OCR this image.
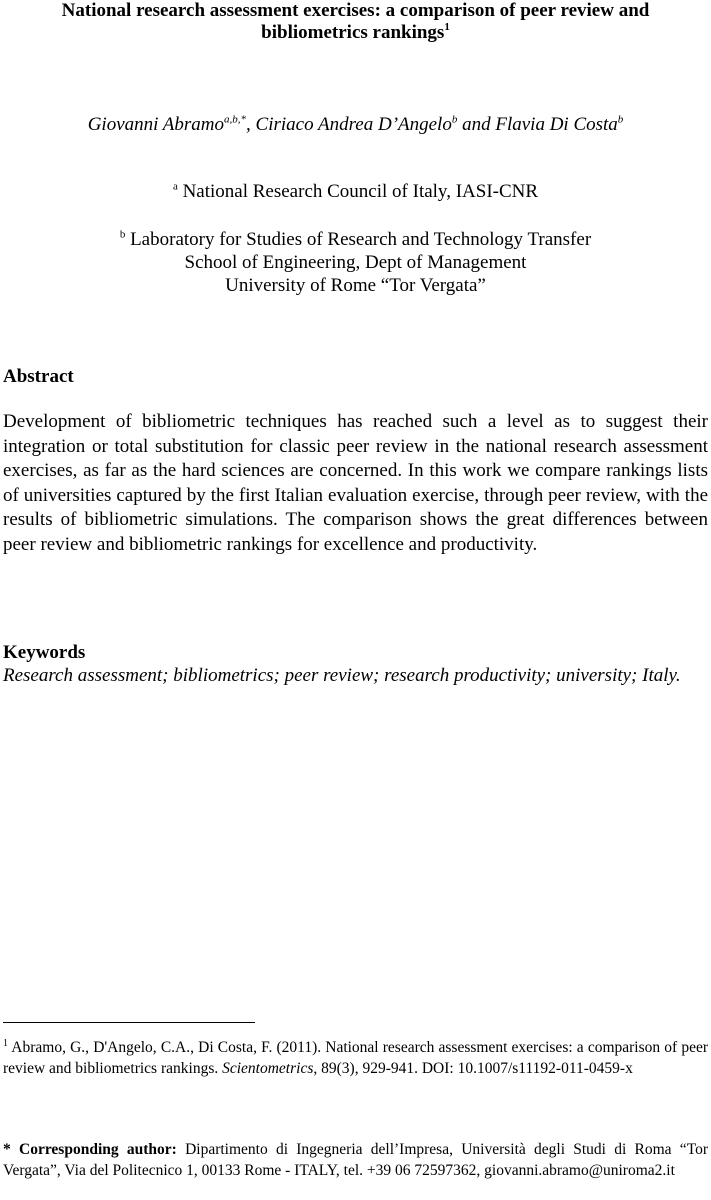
National research assessment exercises: a comparison of peer review and bibliometrics rankings$^1$
Giovanni Abramo$^{a,b,*}$, Ciriaco Andrea D’Angelo$^b$ and Flavia Di Costa$^b$
$^a$ National Research Council of Italy, IASI-CNR
$^b$ Laboratory for Studies of Research and Technology Transfer
School of Engineering, Dept of Management
University of Rome “Tor Vergata”
Abstract
Development of bibliometric techniques has reached such a level as to suggest their integration or total substitution for classic peer review in the national research assessment exercises, as far as the hard sciences are concerned. In this work we compare rankings lists of universities captured by the first Italian evaluation exercise, through peer review, with the results of bibliometric simulations. The comparison shows the great differences between peer review and bibliometric rankings for excellence and productivity.
Keywords
Research assessment; bibliometrics; peer review; research productivity; university; Italy.
$^1$ Abramo, G., D'Angelo, C.A., Di Costa, F. (2011). National research assessment exercises: a comparison of peer review and bibliometrics rankings. Scientometrics, 89(3), 929-941. DOI: 10.1007/s11192-011-0459-x
* Corresponding author: Dipartimento di Ingegneria dell’Impresa, Università degli Studi di Roma “Tor Vergata”, Via del Politecnico 1, 00133 Rome - ITALY, tel. +39 06 72597362, giovanni.abramo@uniroma2.it
